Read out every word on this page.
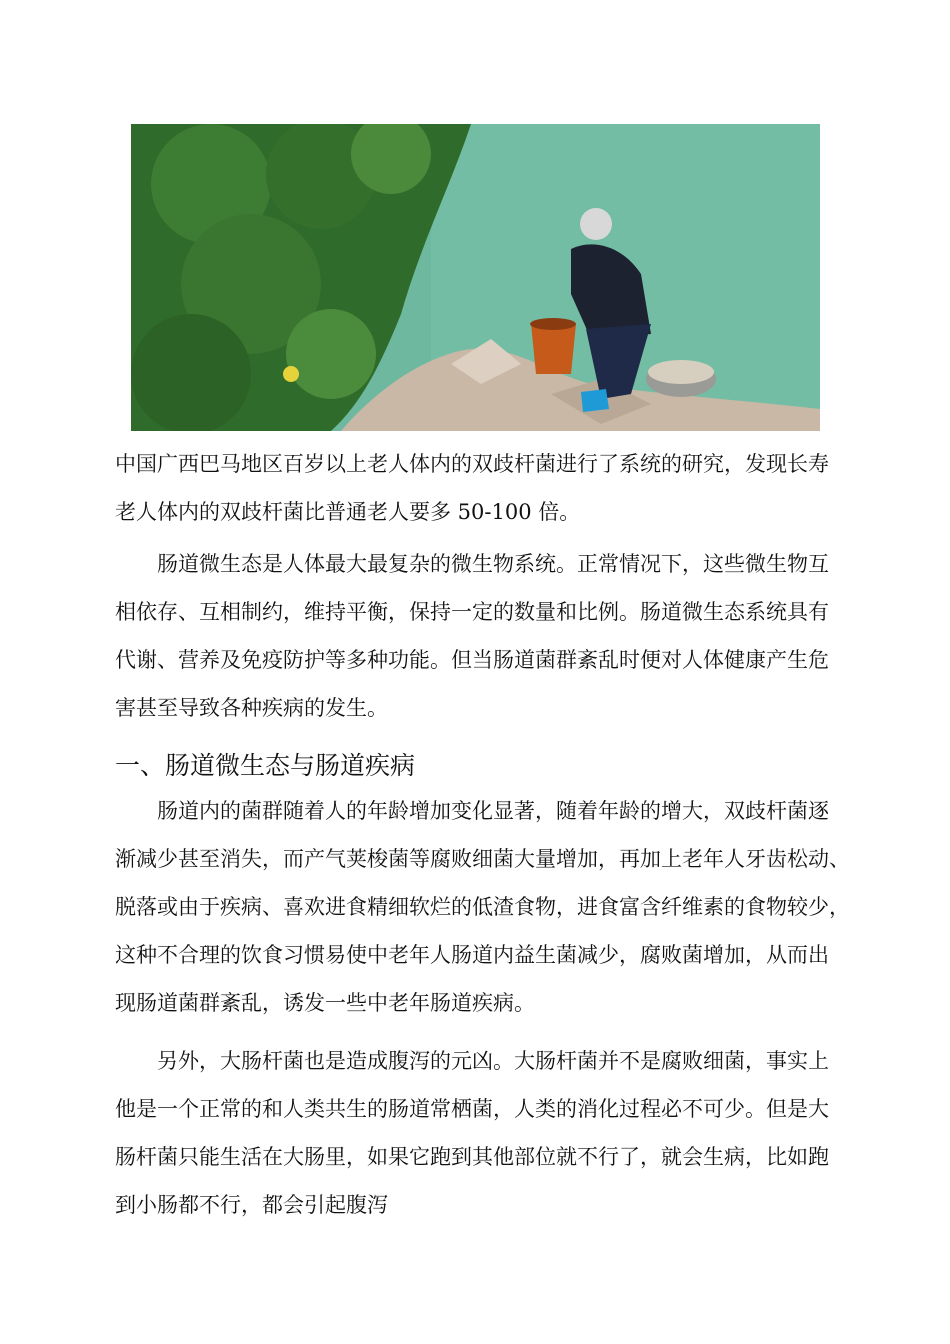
中国广西巴马地区百岁以上老人体内的双歧杆菌进行了系统的研究，发现长寿
老人体内的双歧杆菌比普通老人要多 50-100 倍。

肠道微生态是人体最大最复杂的微生物系统。正常情况下，这些微生物互
相依存、互相制约，维持平衡，保持一定的数量和比例。肠道微生态系统具有
代谢、营养及免疫防护等多种功能。但当肠道菌群紊乱时便对人体健康产生危
害甚至导致各种疾病的发生。

一、肠道微生态与肠道疾病

肠道内的菌群随着人的年龄增加变化显著，随着年龄的增大，双歧杆菌逐
渐减少甚至消失，而产气荚梭菌等腐败细菌大量增加，再加上老年人牙齿松动、
脱落或由于疾病、喜欢进食精细软烂的低渣食物，进食富含纤维素的食物较少，
这种不合理的饮食习惯易使中老年人肠道内益生菌减少，腐败菌增加，从而出
现肠道菌群紊乱，诱发一些中老年肠道疾病。

另外，大肠杆菌也是造成腹泻的元凶。大肠杆菌并不是腐败细菌，事实上
他是一个正常的和人类共生的肠道常栖菌，人类的消化过程必不可少。但是大
肠杆菌只能生活在大肠里，如果它跑到其他部位就不行了，就会生病，比如跑
到小肠都不行，都会引起腹泻
